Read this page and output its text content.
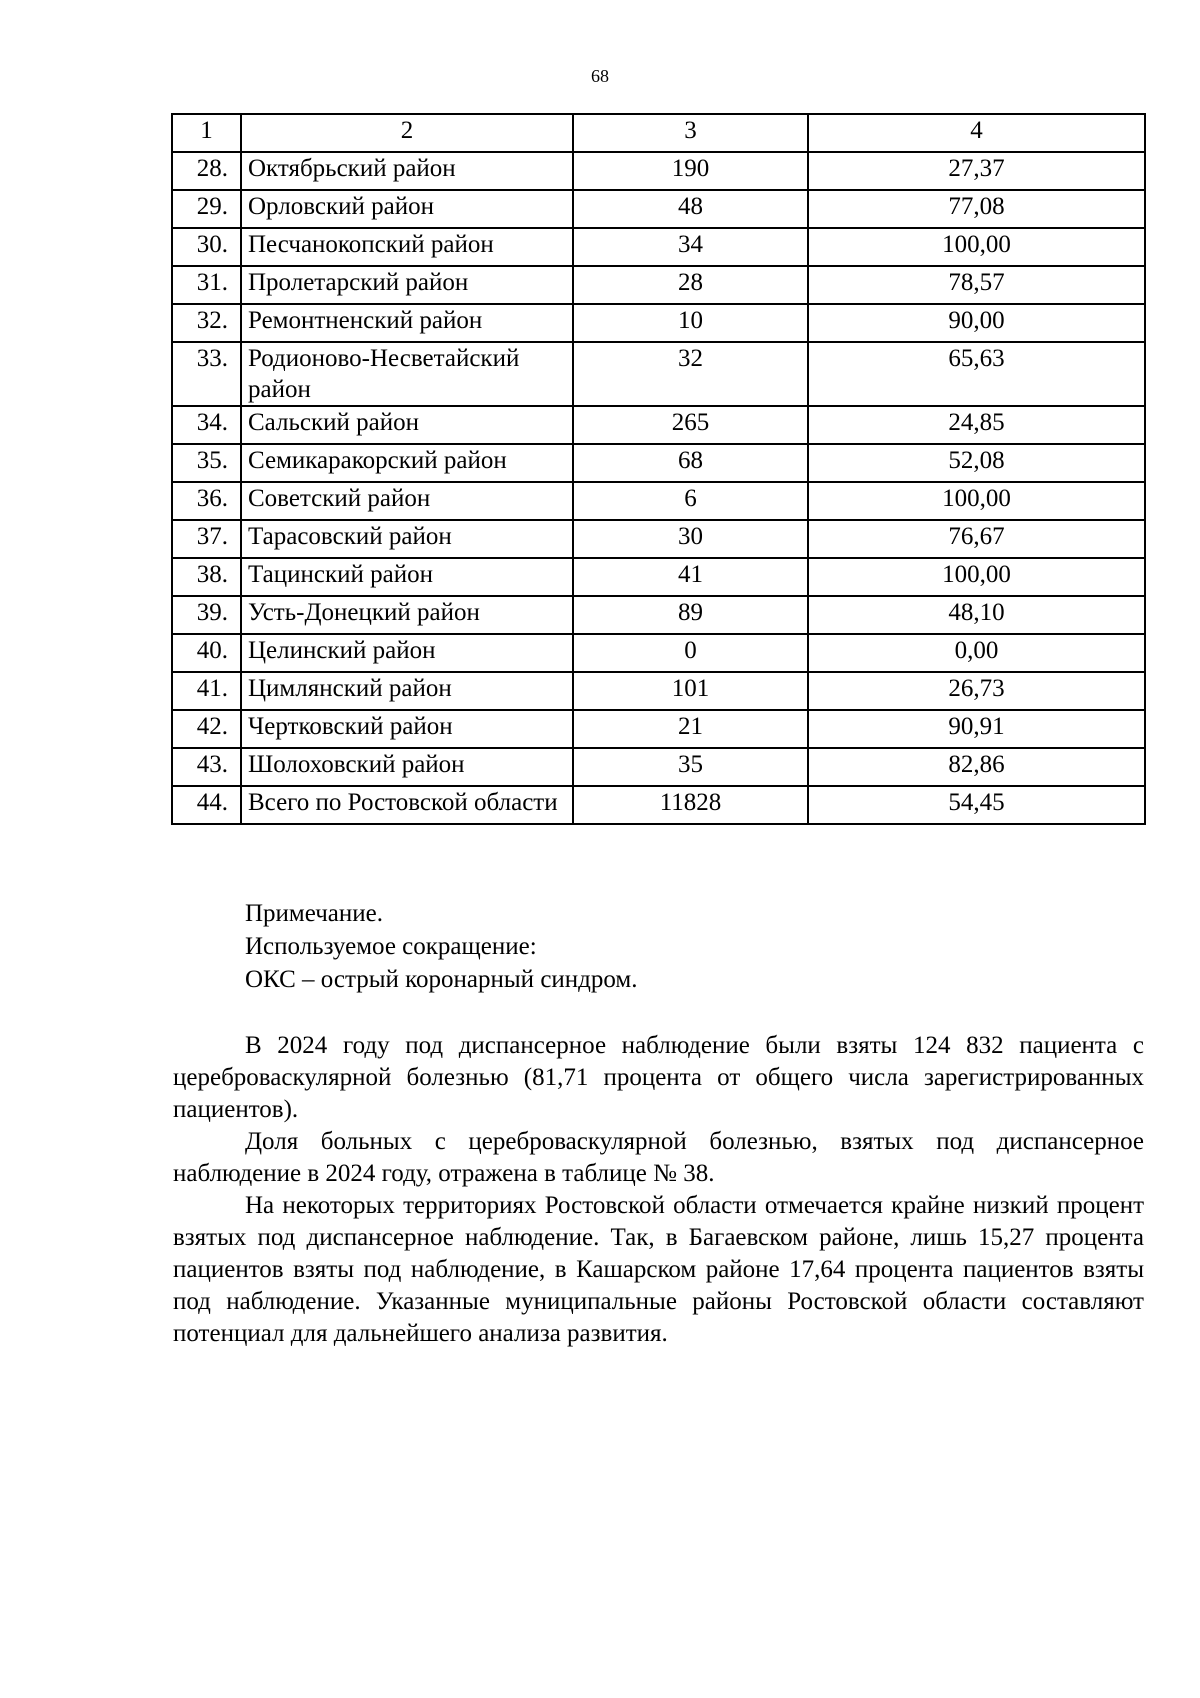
68
1	2	3	4
28.	Октябрьский район	190	27,37
29.	Орловский район	48	77,08
30.	Песчанокопский район	34	100,00
31.	Пролетарский район	28	78,57
32.	Ремонтненский район	10	90,00
33.	Родионово-Несветайский район	32	65,63
34.	Сальский район	265	24,85
35.	Семикаракорский район	68	52,08
36.	Советский район	6	100,00
37.	Тарасовский район	30	76,67
38.	Тацинский район	41	100,00
39.	Усть-Донецкий район	89	48,10
40.	Целинский район	0	0,00
41.	Цимлянский район	101	26,73
42.	Чертковский район	21	90,91
43.	Шолоховский район	35	82,86
44.	Всего по Ростовской области	11828	54,45
Примечание.
Используемое сокращение:
ОКС – острый коронарный синдром.

В 2024 году под диспансерное наблюдение были взяты 124 832 пациента с цереброваскулярной болезнью (81,71 процента от общего числа зарегистрированных пациентов).

Доля больных с цереброваскулярной болезнью, взятых под диспансерное наблюдение в 2024 году, отражена в таблице № 38.

На некоторых территориях Ростовской области отмечается крайне низкий процент взятых под диспансерное наблюдение. Так, в Багаевском районе, лишь 15,27 процента пациентов взяты под наблюдение, в Кашарском районе 17,64 процента пациентов взяты под наблюдение. Указанные муниципальные районы Ростовской области составляют потенциал для дальнейшего анализа развития.
